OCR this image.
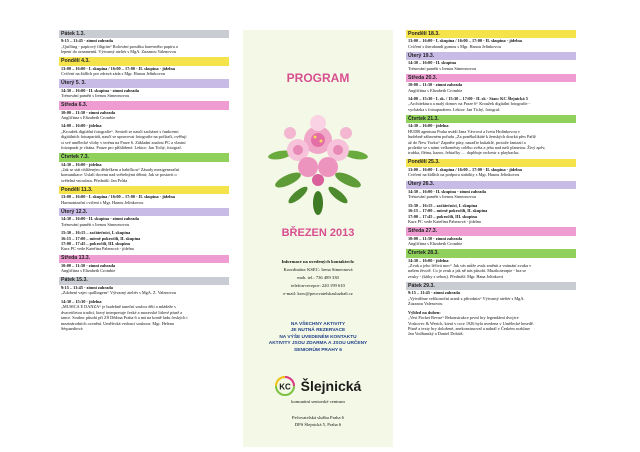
Pátek 1.3.
9:15 – 11:45 - zimní zahrada
„Quilling - papírový filigrán“ Rolování proužku barevného papíru a
lepení do ornamentů. Výtvarný ateliér s MgA. Zuzanou Valenovou
Pondělí 4.3.
13:00 – 16:00 - I. skupina / 16:00 – 17:00 - II. skupina - jídelna
Cvičení na židlích pro zdravá záda s Mgr. Hanou Jelínkovou
Úterý 5. 3.
14:30 – 16:00 - II. skupina - zimní zahrada
Trénování paměti s Irenou Simeonovou
Středa 6.3.
10:00 – 11:30 - zimní zahrada
Angličtina s Elizabeth Crombie
14:00 – 16:00 - jídelna
„Kroužek digitální fotografie“. Senioři se naučí zacházet s funkcemi
digitálních fotoaparátů, naučí se upravovat fotografie na počítači, ověřují
si své umělecké vlohy v terénu na Praze 6. Základní znalost PC a vlastní
fotoaparát je vítána. Pouze pro přihlášené. Lektor: Jan Tichý, fotograf.
Čtvrtek 7.3.
14:30 – 16:00 - jídelna
„Jak se stát ohlíženým dědečkem a babičkou“ Zásady mezigenerační
komunikace: Uslalí docenu nad světelnými dětmi; Jak se postavit o
světelná vnoučata. Přednáší: Jan Průša
Pondělí 11.3.
13:00 – 16:00 - I. skupina / 16:00 – 17:00 - II. skupina - jídelna
Harmonizační cvičení s Mgr. Hanou Jelínkovou
Úterý 12.3.
14:30 – 16:00 - II. skupina - zimní zahrada
Trénování paměti s Irenou Simeonovou
15:30 – 16:15 – začátečníci, I. skupina
16:15 – 17:00 – mírně pokročilí, II. skupina
17:00 – 17:45 – pokročilí, III. skupina
Kurz PC vede Kateřina Pabezová - jídelna
Středa 13.3.
10:00 – 11:30 - zimní zahrada
Angličtina s Elizabeth Crombie
Pátek 15.3.
9:15 – 11:45 - zimní zahrada
„Zdobení vajec quillingem“ Výtvarný ateliér s MgA. Z. Valenovou
14:30 – 15:30 - jídelna
„MUSICA E DANZA“ je hudebně taneční soubor děti a mládeže s
dvacetiletou tradicí, který interpretuje české a moravské lidové písně a
tance. Soubor působí při ZŠ Dědina Praha 6 a má na kontě řadu českých i
mezinárodních ocenění. Umělecká vedoucí souboru: Mgr. Helena
Séquardtová
PROGRAM
BŘEZEN 2013
Informace na uvedených kontaktech:
Koordinátor KSEC: Irena Simeonová
mob. tel.: 736 489 330
telefon-recepce: 220 199 610
e-mail: ksec@pecovatelskasluzba6.cz
NA VŠECHNY AKTIVITY
JE NUTNÁ REZERVACE
NA VÝŠE UVEDENÉM KONTAKTU
AKTIVITY JSOU ZDARMA A JSOU URČENY
SENIORŮM PRAHY 6
KC Šlejnická
komunitní seniorské centrum
Pečovatelská služba Praha 6
DPS Šlejnická 5, Praha 6
Pondělí 18.3.
13:00 – 16:00 - I. skupina / 16:00 – 17:00 - II. skupina - jídelna
Cvičení s therabandí gumou s Mgr. Hanou Jelínkovou
Úterý 19.3.
14:30 – 16:00 - II. skupina
Trénování paměti s Irenou Simeonovou
Středa 20.3.
10:00 – 11:30 - zimní zahrada
Angličtina s Elizabeth Crombie
14:00 – 15:30 - I. sk. / 15:30 – 17:00 - II. sk - Stan: KC Šlejnická 5
„Architektura a malý domov na Praze 6“ Kroužek digitální fotografie -
vycházka s fotoaparátem. Lektor: Jan Tichý, fotograf.
Čtvrtek 21.3.
14:30 – 16:00 - jídelna
HUDR agentura Praha uvádí Jana Vávrová a Ivetu Hrdinkovou v
hudebně zábavném pořadu „Za poněkolikáté k ženských dosrká přes Paříž
až do New Yorku“ Zapněte pásy, nasaďte kukaklé, protože fantazií a
proletíte se s námi velkoměsty celého světa a jeho nad naší planetou. Živý zpěv,
trubka, flétna, kazoo, řehtačky … doplňuje orchestr z playbacku.
Pondělí 25.3.
13:00 – 16:00 - I. skupina / 16:00 – 17:00 - II. skupina - jídelna
Cvičení na židlích na podporu stability s Mgr. Hanou Jelínkovou
Úterý 26.3.
14:30 – 16:00 - II. skupina - zimní zahrada
Trénování paměti s Irenou Simeonovou
15:30 – 16:15 – začátečníci, I. skupina
16:15 – 17:00 – mírně pokročilí, II. skupina
17:00 – 17:45 – pokročilí, III. skupina
Kurz PC vede Kateřina Pabezová - jídelna
Středa 27.3.
10:00 – 11:30 - zimní zahrada
Angličtina s Elizabeth Crombie
Čtvrtek 28.3.
14:30 – 16:00 - jídelna
„Zvuk a jeho léčivá moc“ Jak vás může zvuk změnit a vnímání zvuku v
našem životě. Co je zvuk a jak ně nás působí. Muzikoterapie - hra se
zvuky - (šátky s sebou). Přednáší: Mgr. Hana Jelínková
Pátek 29.3.
9:15 – 11:45 - zimní zahrada
„Vytváříme velikonoční aranž z přírodnin“ Výtvarný ateliér s MgA.
Zuzanou Valenovou
Výhled na duben:
„Vest Pocket Revue“ Rekonstrukce první hry legendární dvojice
Voskovec & Werich, která v roce 1926 byla uvedena v Umělecké besedě.
Písně a texty hry doložené, znekonstruoval a nahrál v Českém rozhlase
Jan Vodňanský a Daniel Dobiáš.
